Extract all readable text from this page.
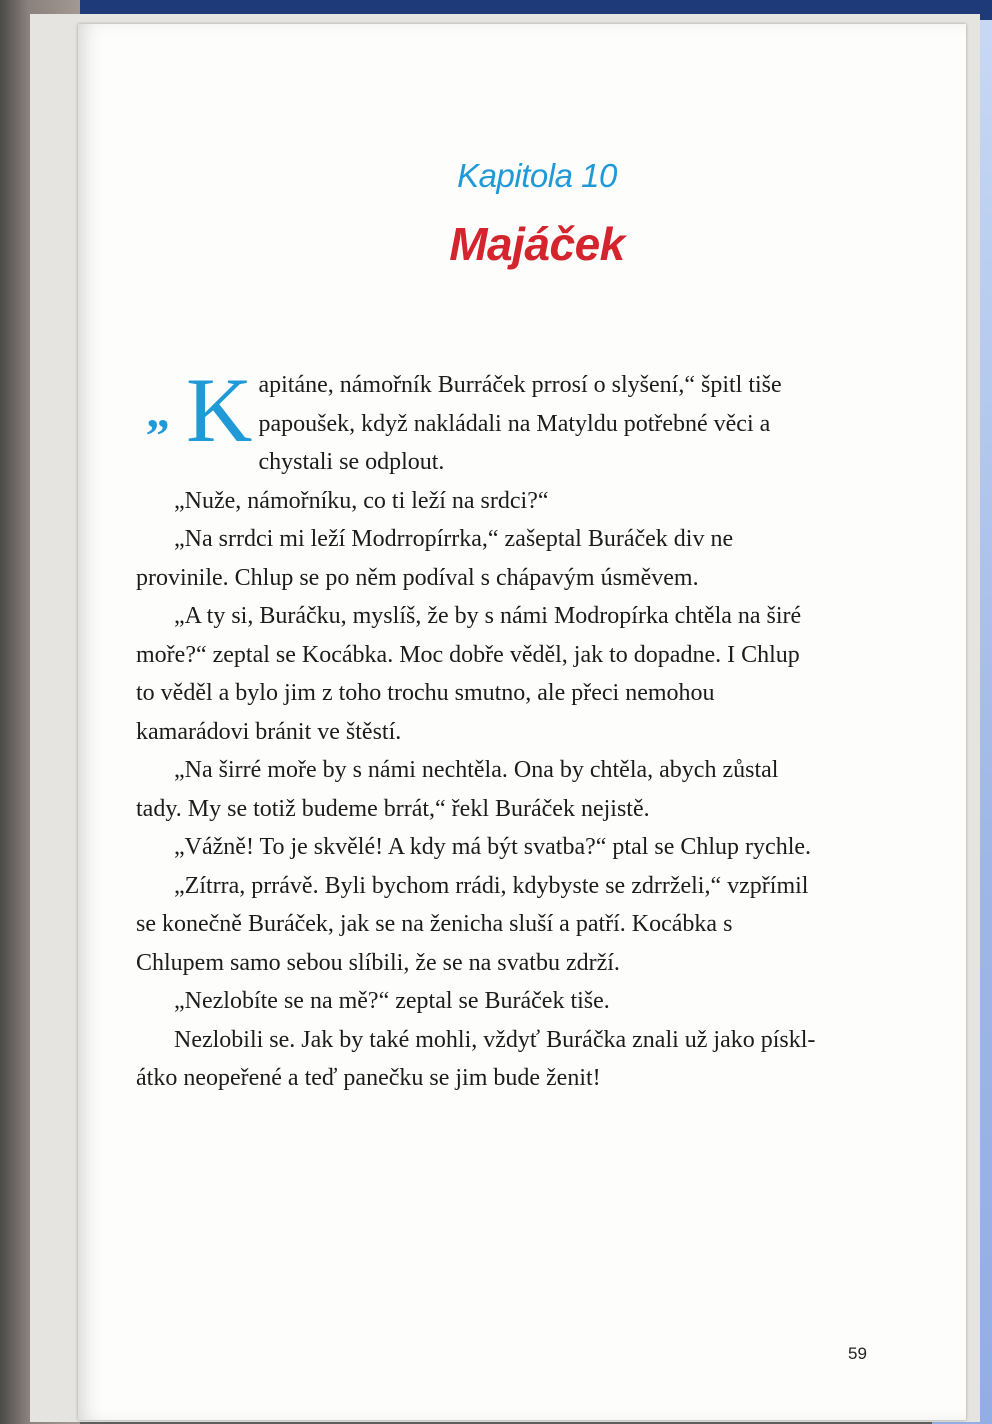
Kapitola 10
Majáček
„ K apitáne, námořník Burráček prrosí o slyšení,“ špitl tiše papoušek, když nakládali na Matyldu potřebné věci a chystali se odplout.

„Nuže, námořníku, co ti leží na srdci?“

„Na srrdci mi leží Modrropírrka,“ zašeptal Buráček div ne provinile. Chlup se po něm podíval s chápavým úsměvem.

„A ty si, Buráčku, myslíš, že by s námi Modropírka chtěla na širé moře?“ zeptal se Kocábka. Moc dobře věděl, jak to dopadne. I Chlup to věděl a bylo jim z toho trochu smutno, ale přeci nemohou kamarádovi bránit ve štěstí.

„Na širré moře by s námi nechtěla. Ona by chtěla, abych zůstal tady. My se totiž budeme brrát,“ řekl Buráček nejistě.

„Vážně! To je skvělé! A kdy má být svatba?“ ptal se Chlup rychle.

„Zítrra, prrávě. Byli bychom rrádi, kdybyste se zdrrželi,“ vzpřímil se konečně Buráček, jak se na ženicha sluší a patří. Kocábka s Chlupem samo sebou slíbili, že se na svatbu zdrží.

„Nezlobíte se na mě?“ zeptal se Buráček tiše.

Nezlobili se. Jak by také mohli, vždyť Buráčka znali už jako písklátko neopeřené a teď panečku se jim bude ženit!

59
